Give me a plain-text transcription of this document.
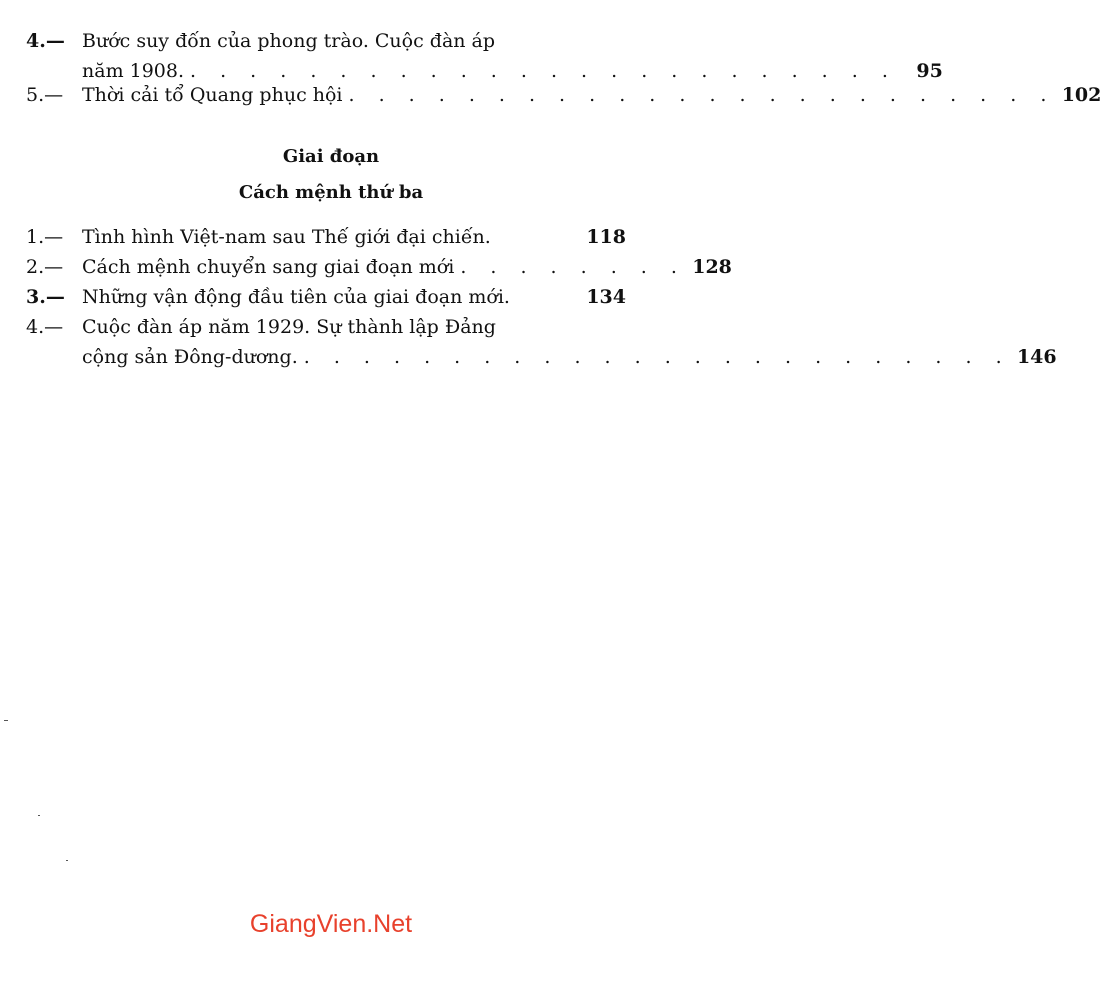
4.— Bước suy đốn của phong trào. Cuộc đàn áp
năm 1908. . . . . . . . . . . . . . . . . . . . . . . . .	95
5.— Thời cải tổ Quang phục hội . . . . . . . . . . . . . . . . . . . . . . . . 102
Giai đoạn
Cách mệnh thứ ba
1.— Tình hình Việt-nam sau Thế giới đại chiến.	118
2.— Cách mệnh chuyển sang giai đoạn mới . . . . . . . . 128
3.— Những vận động đầu tiên của giai đoạn mới.	134
4.— Cuộc đàn áp năm 1929. Sự thành lập Đảng
cộng sản Đông-dương. . . . . . . . . . . . . . . . . . . . . . . . . 146
GiangVien.Net
